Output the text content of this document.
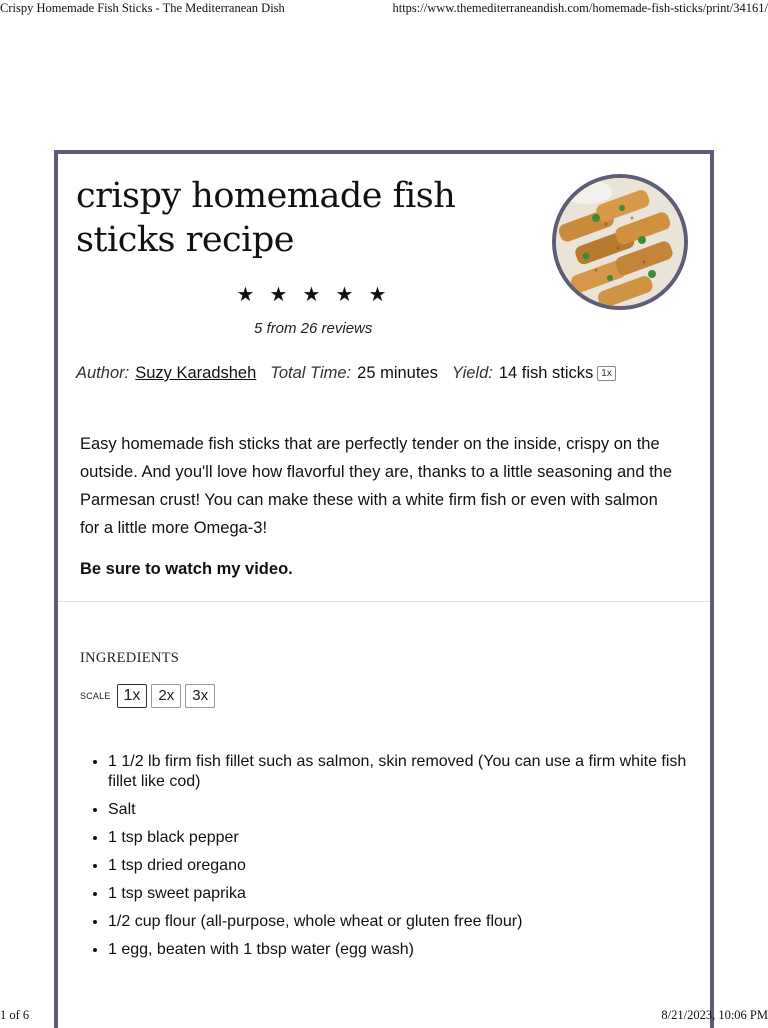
Crispy Homemade Fish Sticks - The Mediterranean Dish	https://www.themediterraneandish.com/homemade-fish-sticks/print/34161/
crispy homemade fish sticks recipe
★ ★ ★ ★ ★
5 from 26 reviews
Author: Suzy Karadsheh Total Time: 25 minutes Yield: 14 fish sticks 1x

Easy homemade fish sticks that are perfectly tender on the inside, crispy on the outside. And you'll love how flavorful they are, thanks to a little seasoning and the Parmesan crust! You can make these with a white firm fish or even with salmon for a little more Omega-3!

Be sure to watch my video.
INGREDIENTS
SCALE 1x	2x	3x
• 1 1/2 lb firm fish fillet such as salmon, skin removed (You can use a firm white fish fillet like cod)
• Salt
• 1 tsp black pepper
• 1 tsp dried oregano
• 1 tsp sweet paprika
• 1/2 cup flour (all-purpose, whole wheat or gluten free flour)
• 1 egg, beaten with 1 tbsp water (egg wash)
1 of 6	8/21/2023, 10:06 PM
